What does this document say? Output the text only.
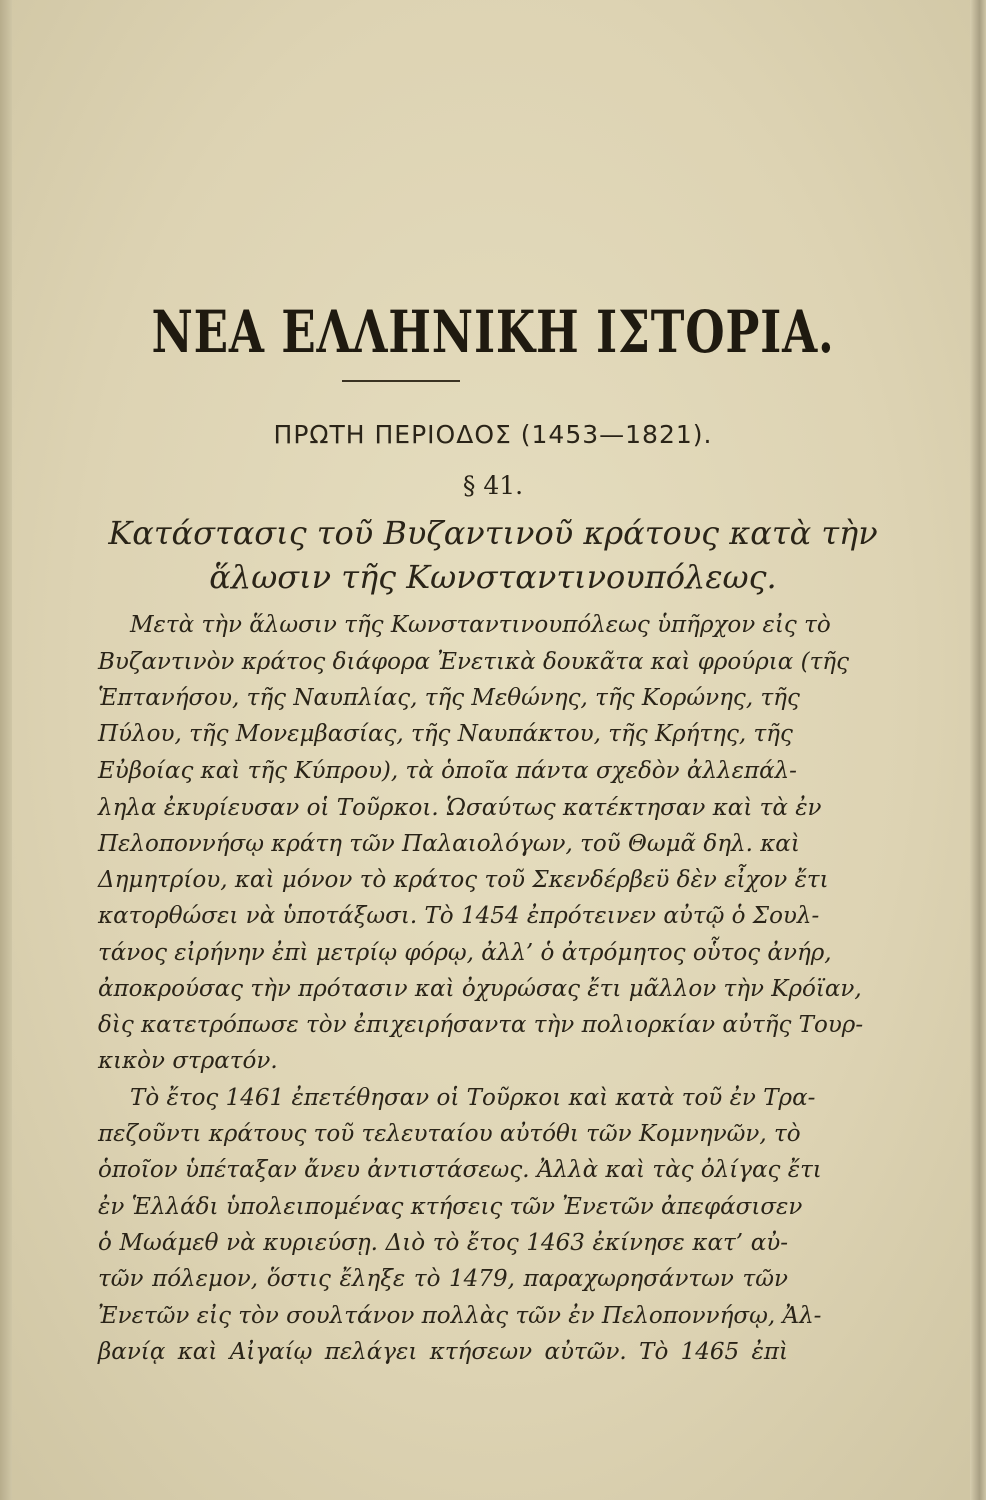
ΝΕΑ ΕΛΛΗΝΙΚΗ ΙΣΤΟΡΙΑ.
ΠΡΩΤΗ ΠΕΡΙΟΔΟΣ (1453—1821).
§ 41.
Κατάστασις τοῦ Βυζαντινοῦ κράτους κατὰ τὴν
ἅλωσιν τῆς Κωνσταντινουπόλεως.
Μετὰ τὴν ἅλωσιν τῆς Κωνσταντινουπόλεως ὑπῆρχον εἰς τὸ
Βυζαντινὸν κράτος διάφορα Ἐνετικὰ δουκᾶτα καὶ φρούρια (τῆς
Ἑπτανήσου, τῆς Ναυπλίας, τῆς Μεθώνης, τῆς Κορώνης, τῆς
Πύλου, τῆς Μονεμβασίας, τῆς Ναυπάκτου, τῆς Κρήτης, τῆς
Εὐβοίας καὶ τῆς Κύπρου), τὰ ὁποῖα πάντα σχεδὸν ἀλλεπάλ-
ληλα ἐκυρίευσαν οἱ Τοῦρκοι. Ὡσαύτως κατέκτησαν καὶ τὰ ἐν
Πελοποννήσῳ κράτη τῶν Παλαιολόγων, τοῦ Θωμᾶ δηλ. καὶ
Δημητρίου, καὶ μόνον τὸ κράτος τοῦ Σκενδέρβεϋ δὲν εἶχον ἔτι
κατορθώσει νὰ ὑποτάξωσι. Τὸ 1454 ἐπρότεινεν αὐτῷ ὁ Σουλ-
τάνος εἰρήνην ἐπὶ μετρίῳ φόρῳ, ἀλλ’ ὁ ἀτρόμητος οὗτος ἀνήρ,
ἀποκρούσας τὴν πρότασιν καὶ ὀχυρώσας ἔτι μᾶλλον τὴν Κρόϊαν,
δὶς κατετρόπωσε τὸν ἐπιχειρήσαντα τὴν πολιορκίαν αὐτῆς Τουρ-
κικὸν στρατόν.
Τὸ ἔτος 1461 ἐπετέθησαν οἱ Τοῦρκοι καὶ κατὰ τοῦ ἐν Τρα-
πεζοῦντι κράτους τοῦ τελευταίου αὐτόθι τῶν Κομνηνῶν, τὸ
ὁποῖον ὑπέταξαν ἄνευ ἀντιστάσεως. Ἀλλὰ καὶ τὰς ὀλίγας ἔτι
ἐν Ἑλλάδι ὑπολειπομένας κτήσεις τῶν Ἐνετῶν ἀπεφάσισεν
ὁ Μωάμεθ νὰ κυριεύσῃ. Διὸ τὸ ἔτος 1463 ἐκίνησε κατ’ αὐ-
τῶν πόλεμον, ὅστις ἔληξε τὸ 1479, παραχωρησάντων τῶν
Ἐνετῶν εἰς τὸν σουλτάνον πολλὰς τῶν ἐν Πελοποννήσῳ, Ἀλ-
βανίᾳ καὶ Αἰγαίῳ πελάγει κτήσεων αὐτῶν. Τὸ 1465 ἐπὶ
